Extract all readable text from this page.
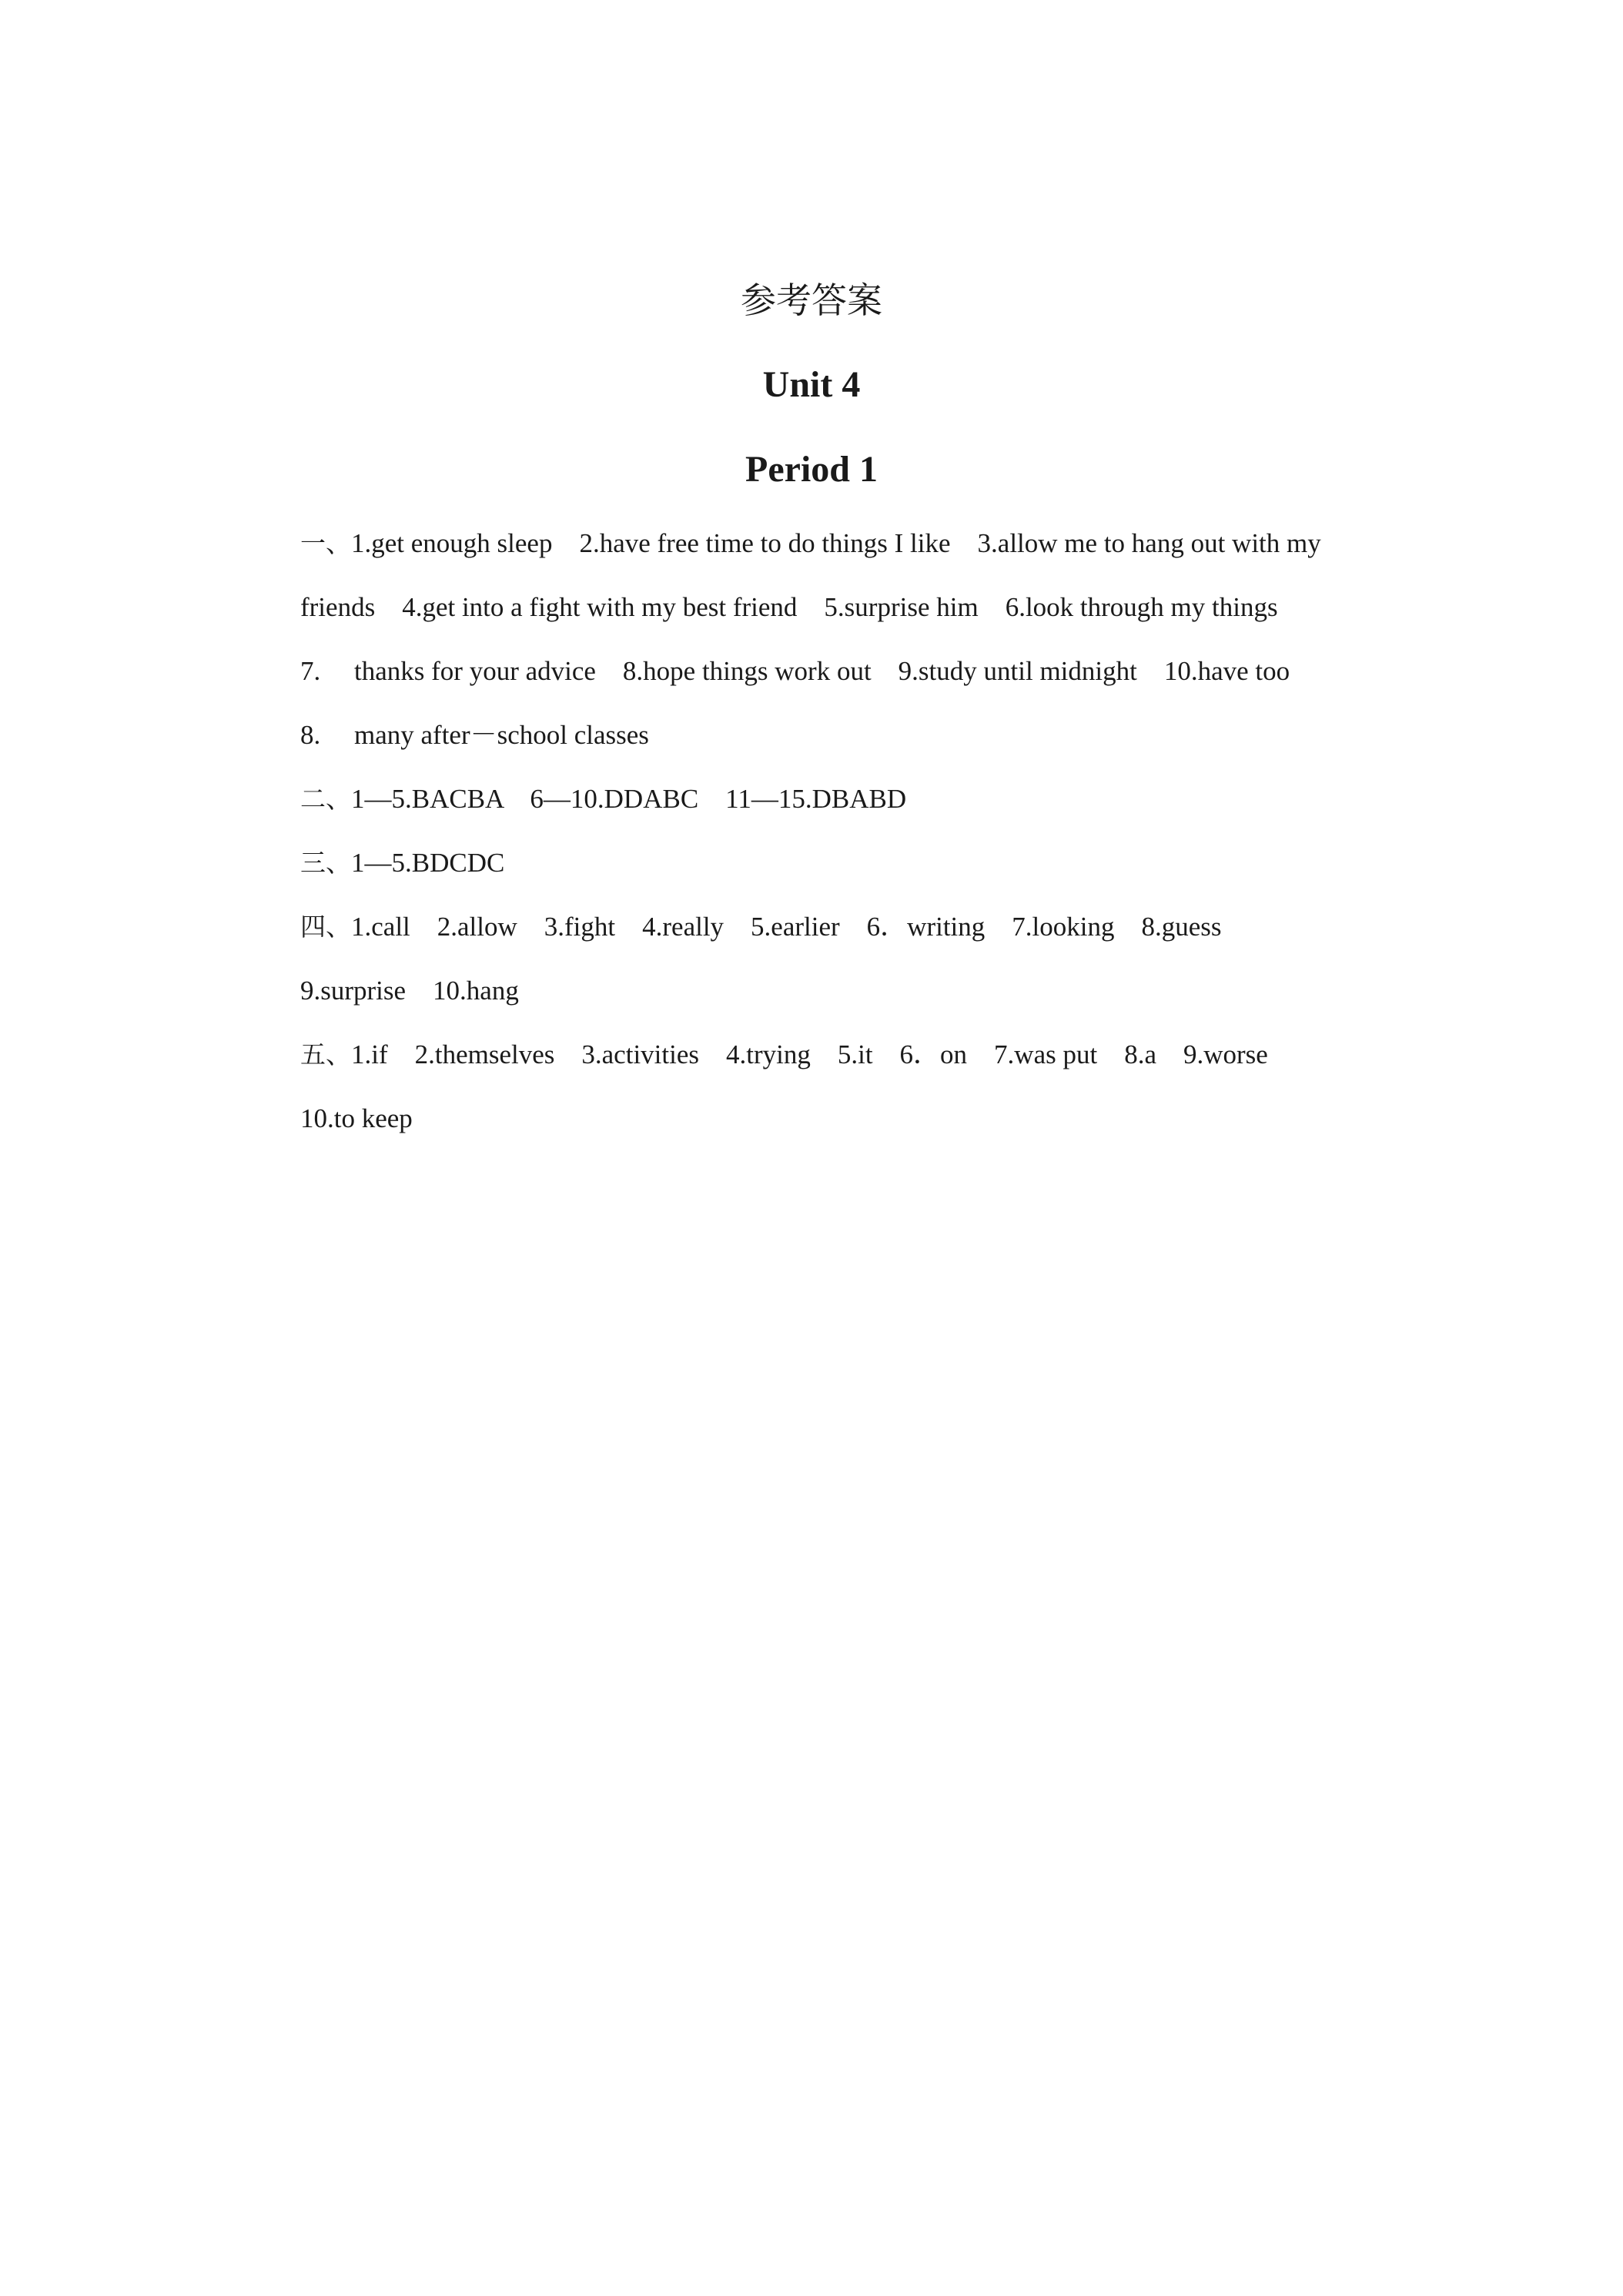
参考答案
Unit 4
Period 1
一、1.get enough sleep    2.have free time to do things I like    3.allow me to hang out with my
friends    4.get into a fight with my best friend    5.surprise him    6.look through my things
7.     thanks for your advice    8.hope things work out    9.study until midnight    10.have too
8.     many after－school classes
二、1—5.BACBA    6—10.DDABC    11—15.DBABD
三、1—5.BDCDC
四、1.call    2.allow    3.fight    4.really    5.earlier    6．writing    7.looking    8.guess
9.surprise    10.hang
五、1.if    2.themselves    3.activities    4.trying    5.it    6．on    7.was put    8.a    9.worse
10.to keep
